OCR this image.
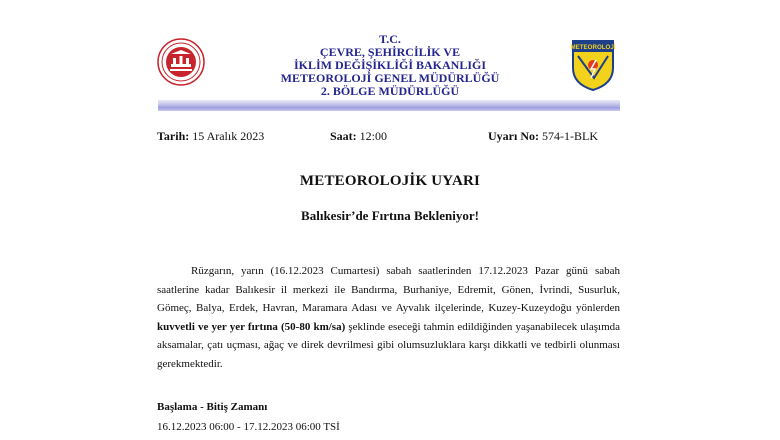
T.C.
ÇEVRE, ŞEHİRCİLİK VE
İKLİM DEĞİŞİKLİĞİ BAKANLIĞI
METEOROLOJİ GENEL MÜDÜRLÜĞÜ
2. BÖLGE MÜDÜRLÜĞÜ
METEOROLOJİ
Tarih: 15 Aralık 2023	Saat: 12:00	Uyarı No: 574-1-BLK
METEOROLOJİK UYARI
Balıkesir’de Fırtına Bekleniyor!
Rüzgarın, yarın (16.12.2023 Cumartesi) sabah saatlerinden 17.12.2023 Pazar günü sabah saatlerine kadar Balıkesir il merkezi ile Bandırma, Burhaniye, Edremit, Gönen, İvrindi, Susurluk, Gömeç, Balya, Erdek, Havran, Maramara Adası ve Ayvalık ilçelerinde, Kuzey-Kuzeydoğu yönlerden kuvvetli ve yer yer fırtına (50-80 km/sa) şeklinde eseceği tahmin edildiğinden yaşanabilecek ulaşımda aksamalar, çatı uçması, ağaç ve direk devrilmesi gibi olumsuzluklara karşı dikkatli ve tedbirli olunması gerekmektedir.
Başlama - Bitiş Zamanı
16.12.2023 06:00 - 17.12.2023 06:00 TSİ
